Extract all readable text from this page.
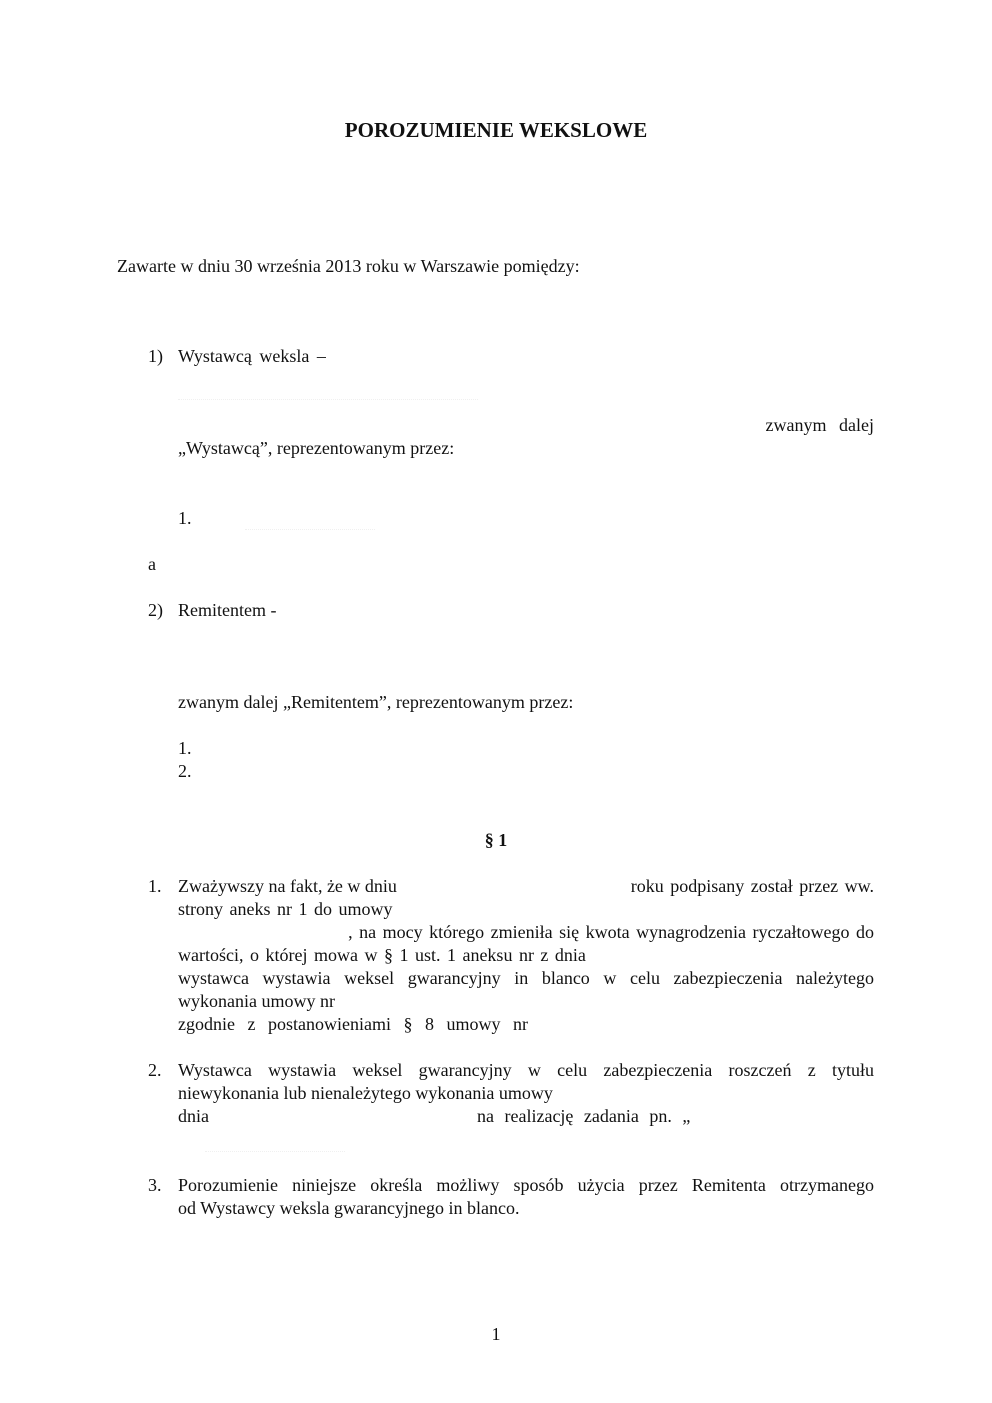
POROZUMIENIE WEKSLOWE
Zawarte w dniu 30 września 2013 roku w Warszawie pomiędzy:
1) Wystawcą weksla –
zwanym dalej
„Wystawcą”, reprezentowanym przez:
1.
a
2) Remitentem -
zwanym dalej „Remitentem”, reprezentowanym przez:
1.
2.
§ 1
1. Zważywszy na fakt, że w dniu	roku podpisany został przez ww.
strony aneks nr 1 do umowy
, na mocy którego zmieniła się kwota wynagrodzenia ryczałtowego do
wartości, o której mowa w § 1 ust. 1 aneksu nr z dnia
wystawca wystawia weksel gwarancyjny in blanco w celu zabezpieczenia należytego
wykonania umowy nr
zgodnie z postanowieniami § 8 umowy nr
2. Wystawca wystawia weksel gwarancyjny w celu zabezpieczenia roszczeń z tytułu
niewykonania lub nienależytego wykonania umowy
dnia	na realizację zadania pn. „
3. Porozumienie niniejsze określa możliwy sposób użycia przez Remitenta otrzymanego
od Wystawcy weksla gwarancyjnego in blanco.
1
